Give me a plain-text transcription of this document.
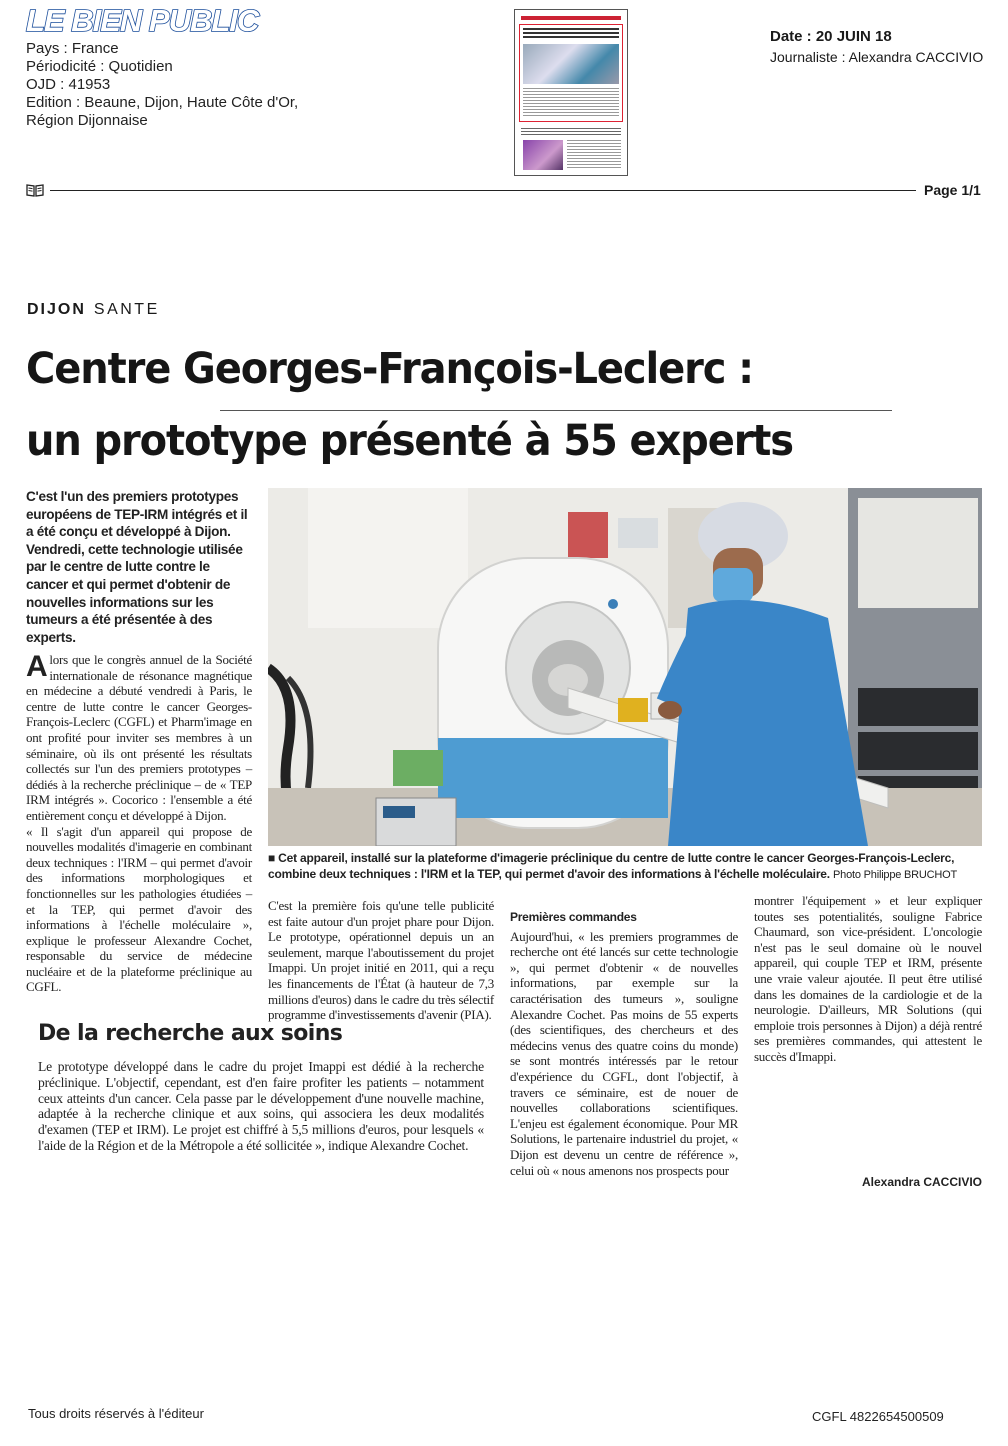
LE BIEN PUBLIC
Pays : France
Périodicité : Quotidien
OJD : 41953
Edition : Beaune, Dijon, Haute Côte d'Or,
Région Dijonnaise
Date : 20 JUIN 18
Journaliste : Alexandra CACCIVIO
Page 1/1
DIJON SANTE
Centre Georges-François-Leclerc :
un prototype présenté à 55 experts
C'est l'un des premiers prototypes européens de TEP-IRM intégrés et il a été conçu et développé à Dijon. Vendredi, cette technologie utilisée par le centre de lutte contre le cancer et qui permet d'obtenir de nouvelles informations sur les tumeurs a été présentée à des experts.
■ Cet appareil, installé sur la plateforme d'imagerie préclinique du centre de lutte contre le cancer Georges-François-Leclerc, combine deux techniques : l'IRM et la TEP, qui permet d'avoir des informations à l'échelle moléculaire. Photo Philippe BRUCHOT

Alors que le congrès annuel de la Société internationale de résonance magnétique en médecine a débuté vendredi à Paris, le centre de lutte contre le cancer Georges-François-Leclerc (CGFL) et Pharm'image en ont profité pour inviter ses membres à un séminaire, où ils ont présenté les résultats collectés sur l'un des premiers prototypes – dédiés à la recherche préclinique – de « TEP IRM intégrés ». Cocorico : l'ensemble a été entièrement conçu et développé à Dijon.

« Il s'agit d'un appareil qui propose de nouvelles modalités d'imagerie en combinant deux techniques : l'IRM – qui permet d'avoir des informations morphologiques et fonctionnelles sur les pathologies étudiées – et la TEP, qui permet d'avoir des informations à l'échelle moléculaire », explique le professeur Alexandre Cochet, responsable du service de médecine nucléaire et de la plateforme préclinique au CGFL.

C'est la première fois qu'une telle publicité est faite autour d'un projet phare pour Dijon. Le prototype, opérationnel depuis un an seulement, marque l'aboutissement du projet Imappi. Un projet initié en 2011, qui a reçu les financements de l'État (à hauteur de 7,3 millions d'euros) dans le cadre du très sélectif programme d'investissements d'avenir (PIA).

Premières commandes

Aujourd'hui, « les premiers programmes de recherche ont été lancés sur cette technologie », qui permet d'obtenir « de nouvelles informations, par exemple sur la caractérisation des tumeurs », souligne Alexandre Cochet. Pas moins de 55 experts (des scientifiques, des chercheurs et des médecins venus des quatre coins du monde) se sont montrés intéressés par le retour d'expérience du CGFL, dont l'objectif, à travers ce séminaire, est de nouer de nouvelles collaborations scientifiques. L'enjeu est également économique. Pour MR Solutions, le partenaire industriel du projet, « Dijon est devenu un centre de référence », celui où « nous amenons nos prospects pour

Alexandra CACCIVIO
De la recherche aux soins
Le prototype développé dans le cadre du projet Imappi est dédié à la recherche préclinique. L'objectif, cependant, est d'en faire profiter les patients – notamment ceux atteints d'un cancer. Cela passe par le développement d'une nouvelle machine, adaptée à la recherche clinique et aux soins, qui associera les deux modalités d'examen (TEP et IRM). Le projet est chiffré à 5,5 millions d'euros, pour lesquels « l'aide de la Région et de la Métropole a été sollicitée », indique Alexandre Cochet.
Tous droits réservés à l'éditeur	CGFL 4822654500509

montrer l'équipement » et leur expliquer toutes ses potentialités, souligne Fabrice Chaumard, son vice-président. L'oncologie n'est pas le seul domaine où le nouvel appareil, qui couple TEP et IRM, présente une vraie valeur ajoutée. Il peut être utilisé dans les domaines de la cardiologie et de la neurologie. D'ailleurs, MR Solutions (qui emploie trois personnes à Dijon) a déjà rentré ses premières commandes, qui attestent le succès d'Imappi.
